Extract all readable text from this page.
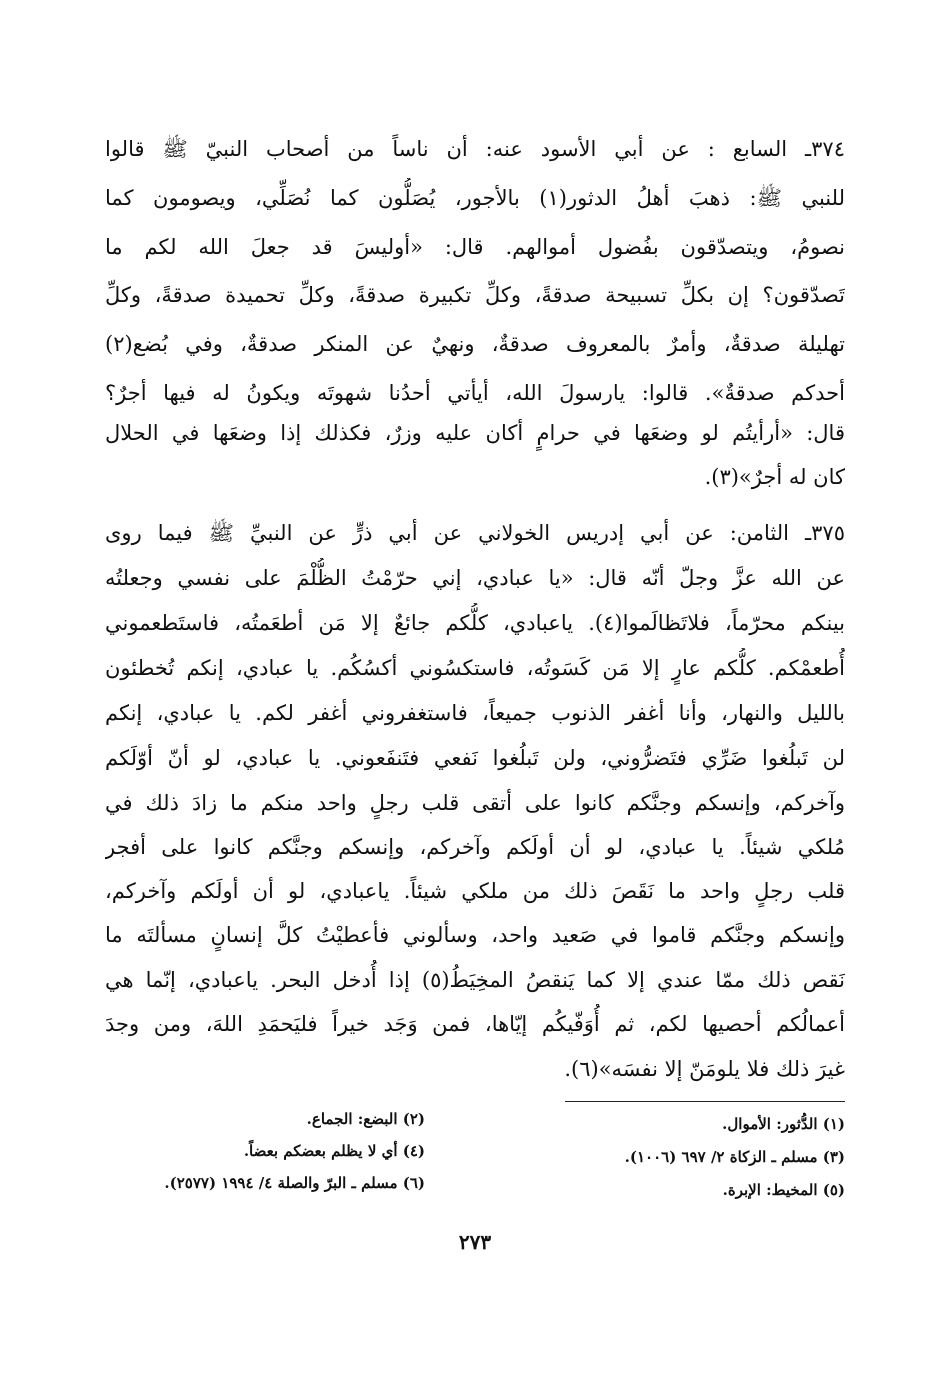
٣٧٤ـ السابع : عن أبي الأسود عنه: أن ناساً من أصحاب النبيّ ﷺ قالوا
للنبي ﷺ: ذهبَ أهلُ الدثور(١) بالأجور، يُصَلُّون كما نُصَلِّي، ويصومون كما
نصومُ، ويتصدّقون بفُضول أموالهم. قال: «أوليسَ قد جعلَ الله لكم ما
تَصدّقون؟ إن بكلِّ تسبيحة صدقةً، وكلِّ تكبيرة صدقةً، وكلِّ تحميدة صدقةً، وكلِّ
تهليلة صدقةٌ، وأمرٌ بالمعروف صدقةٌ، ونهيٌ عن المنكر صدقةٌ، وفي بُضع(٢)
أحدكم صدقةٌ». قالوا: يارسولَ الله، أيأتي أحدُنا شهوتَه ويكونُ له فيها أجرٌ؟
قال: «أرأيتُم لو وضعَها في حرامٍ أكان عليه وزرٌ، فكذلك إذا وضعَها في الحلال
كان له أجرٌ»(٣).
٣٧٥ـ الثامن: عن أبي إدريس الخولاني عن أبي ذرٍّ عن النبيِّ ﷺ فيما روى
عن الله عزَّ وجلّ أنّه قال: «يا عبادي، إني حرّمْتُ الظُّلْمَ على نفسي وجعلتُه
بينكم محرّماً، فلاتَظالَموا(٤). ياعبادي، كلُّكم جائعٌ إلا مَن أطعَمتُه، فاستَطعموني
أُطعمْكم. كلُّكم عارٍ إلا مَن كَسَوتُه، فاستكسُوني أكسُكُم. يا عبادي، إنكم تُخطئون
بالليل والنهار، وأنا أغفر الذنوب جميعاً، فاستغفروني أغفر لكم. يا عبادي، إنكم
لن تَبلُغوا ضَرِّي فتَضرُّوني، ولن تَبلُغوا نَفعي فتَنفَعوني. يا عبادي، لو أنّ أوّلَكم
وآخركم، وإنسكم وجنَّكم كانوا على أتقى قلب رجلٍ واحد منكم ما زادَ ذلك في
مُلكي شيئاً. يا عبادي، لو أن أولَكم وآخركم، وإنسكم وجنَّكم كانوا على أفجر
قلب رجلٍ واحد ما نَقَصَ ذلك من ملكي شيئاً. ياعبادي، لو أن أولَكم وآخركم،
وإنسكم وجنَّكم قاموا في صَعيد واحد، وسألوني فأعطيْتُ كلَّ إنسانٍ مسألتَه ما
نَقص ذلك ممّا عندي إلا كما يَنقصُ المخِيَطُ(٥) إذا أُدخل البحر. ياعبادي، إنّما هي
أعمالُكم أحصيها لكم، ثم أُوَفّيكُم إيّاها، فمن وَجَد خيراً فليَحمَدِ اللهَ، ومن وجدَ
غيرَ ذلك فلا يلومَنّ إلا نفسَه»(٦).
(١) الدُّثور: الأموال.
(٣) مسلم ـ الزكاة ٢/ ٦٩٧ (١٠٠٦).
(٥) المخيط: الإبرة.
(٢) البضع: الجماع.
(٤) أي لا يظلم بعضكم بعضاً.
(٦) مسلم ـ البرّ والصلة ٤/ ١٩٩٤ (٢٥٧٧).
٢٧٣
